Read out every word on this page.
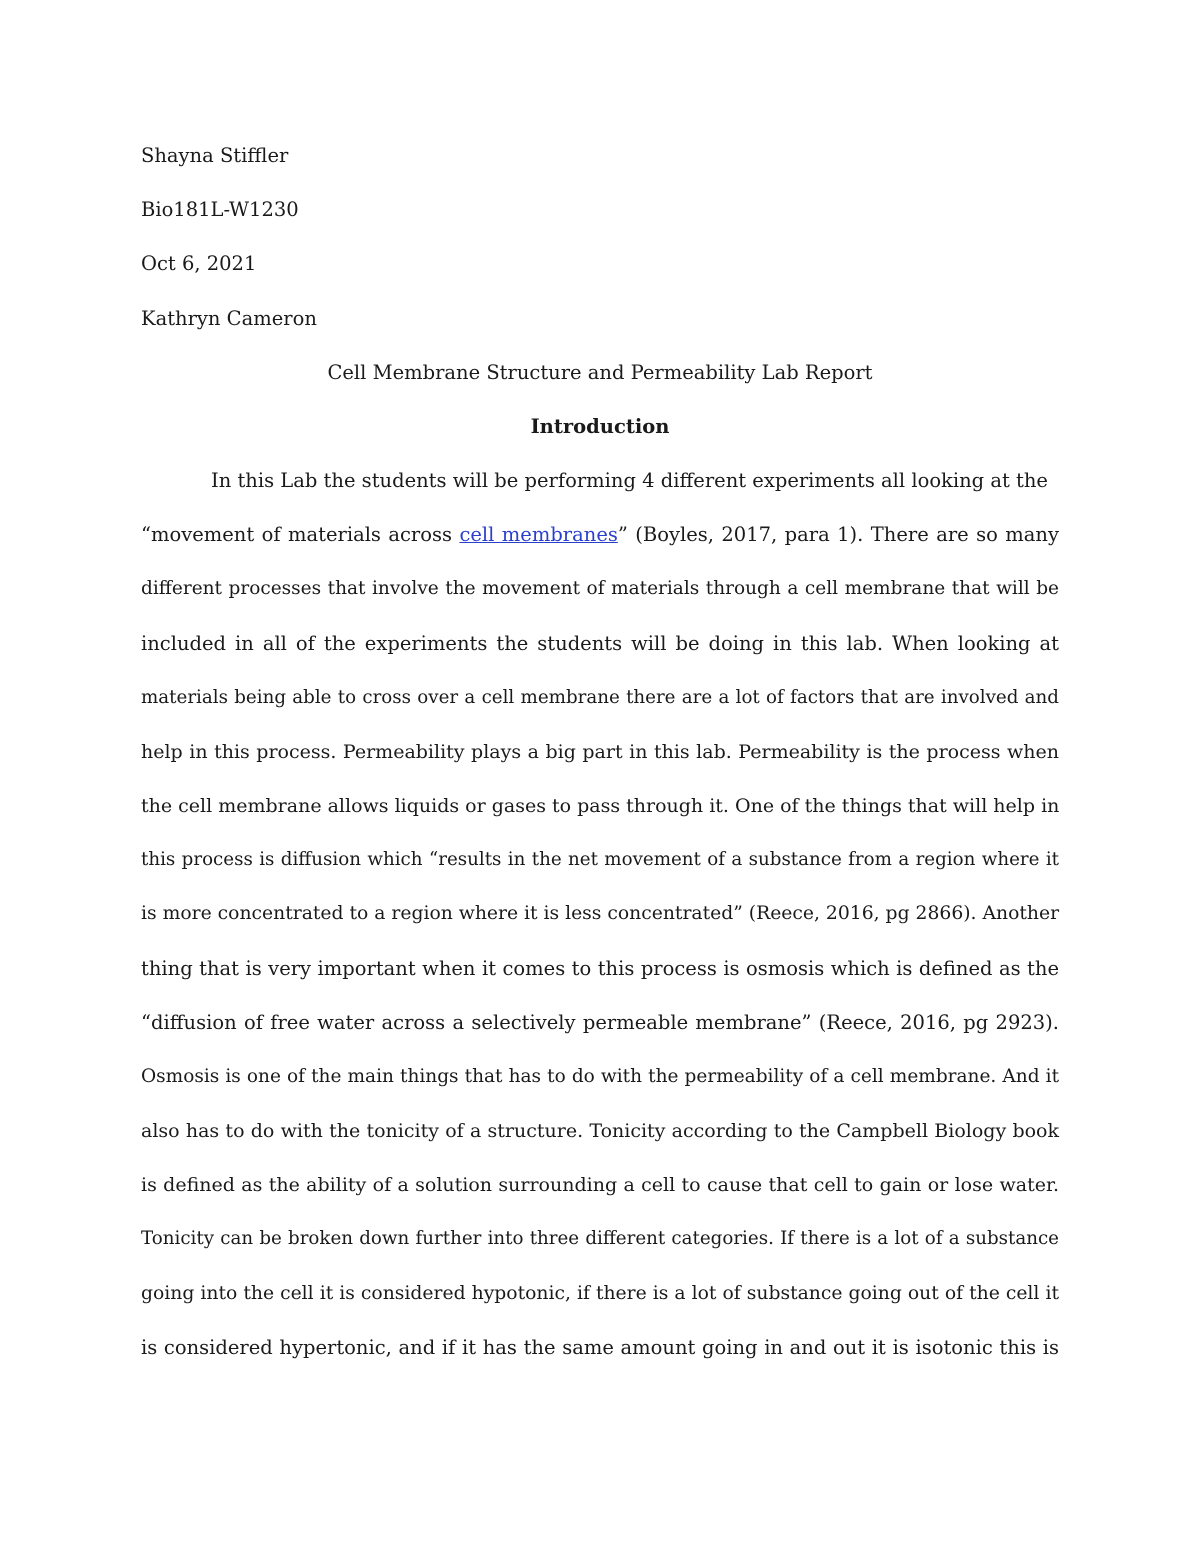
Shayna Stiffler
Bio181L-W1230
Oct 6, 2021
Kathryn Cameron
Cell Membrane Structure and Permeability Lab Report
Introduction
In this Lab the students will be performing 4 different experiments all looking at the
“movement of materials across cell membranes” (Boyles, 2017, para 1). There are so many
different processes that involve the movement of materials through a cell membrane that will be
included in all of the experiments the students will be doing in this lab. When looking at
materials being able to cross over a cell membrane there are a lot of factors that are involved and
help in this process. Permeability plays a big part in this lab. Permeability is the process when
the cell membrane allows liquids or gases to pass through it. One of the things that will help in
this process is diffusion which “results in the net movement of a substance from a region where it
is more concentrated to a region where it is less concentrated” (Reece, 2016, pg 2866). Another
thing that is very important when it comes to this process is osmosis which is defined as the
“diffusion of free water across a selectively permeable membrane” (Reece, 2016, pg 2923).
Osmosis is one of the main things that has to do with the permeability of a cell membrane. And it
also has to do with the tonicity of a structure. Tonicity according to the Campbell Biology book
is defined as the ability of a solution surrounding a cell to cause that cell to gain or lose water.
Tonicity can be broken down further into three different categories. If there is a lot of a substance
going into the cell it is considered hypotonic, if there is a lot of substance going out of the cell it
is considered hypertonic, and if it has the same amount going in and out it is isotonic this is
